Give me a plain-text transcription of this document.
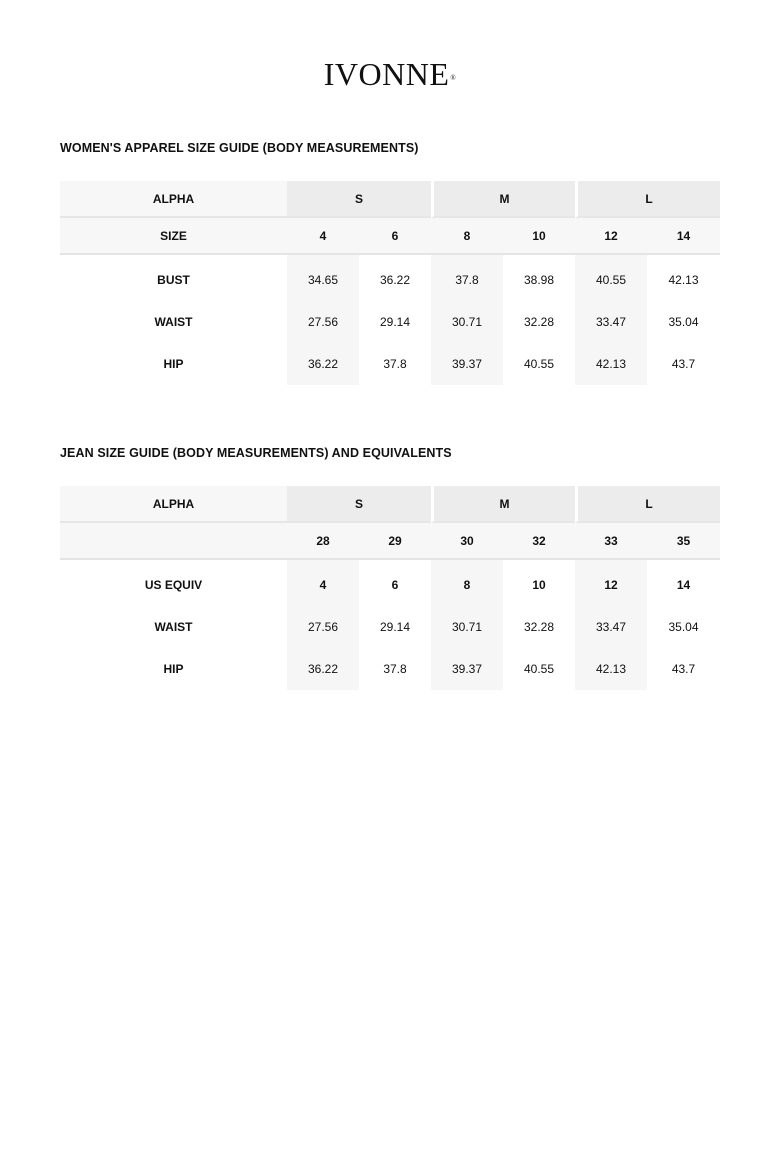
IVONNE®
WOMEN'S APPAREL SIZE GUIDE (BODY MEASUREMENTS)
ALPHA	S		M		L	
SIZE	4	6	8	10	12	14
BUST	34.65	36.22	37.8	38.98	40.55	42.13
WAIST	27.56	29.14	30.71	32.28	33.47	35.04
HIP	36.22	37.8	39.37	40.55	42.13	43.7
JEAN SIZE GUIDE (BODY MEASUREMENTS) AND EQUIVALENTS
ALPHA	S		M		L	
	28	29	30	32	33	35
US EQUIV	4	6	8	10	12	14
WAIST	27.56	29.14	30.71	32.28	33.47	35.04
HIP	36.22	37.8	39.37	40.55	42.13	43.7
